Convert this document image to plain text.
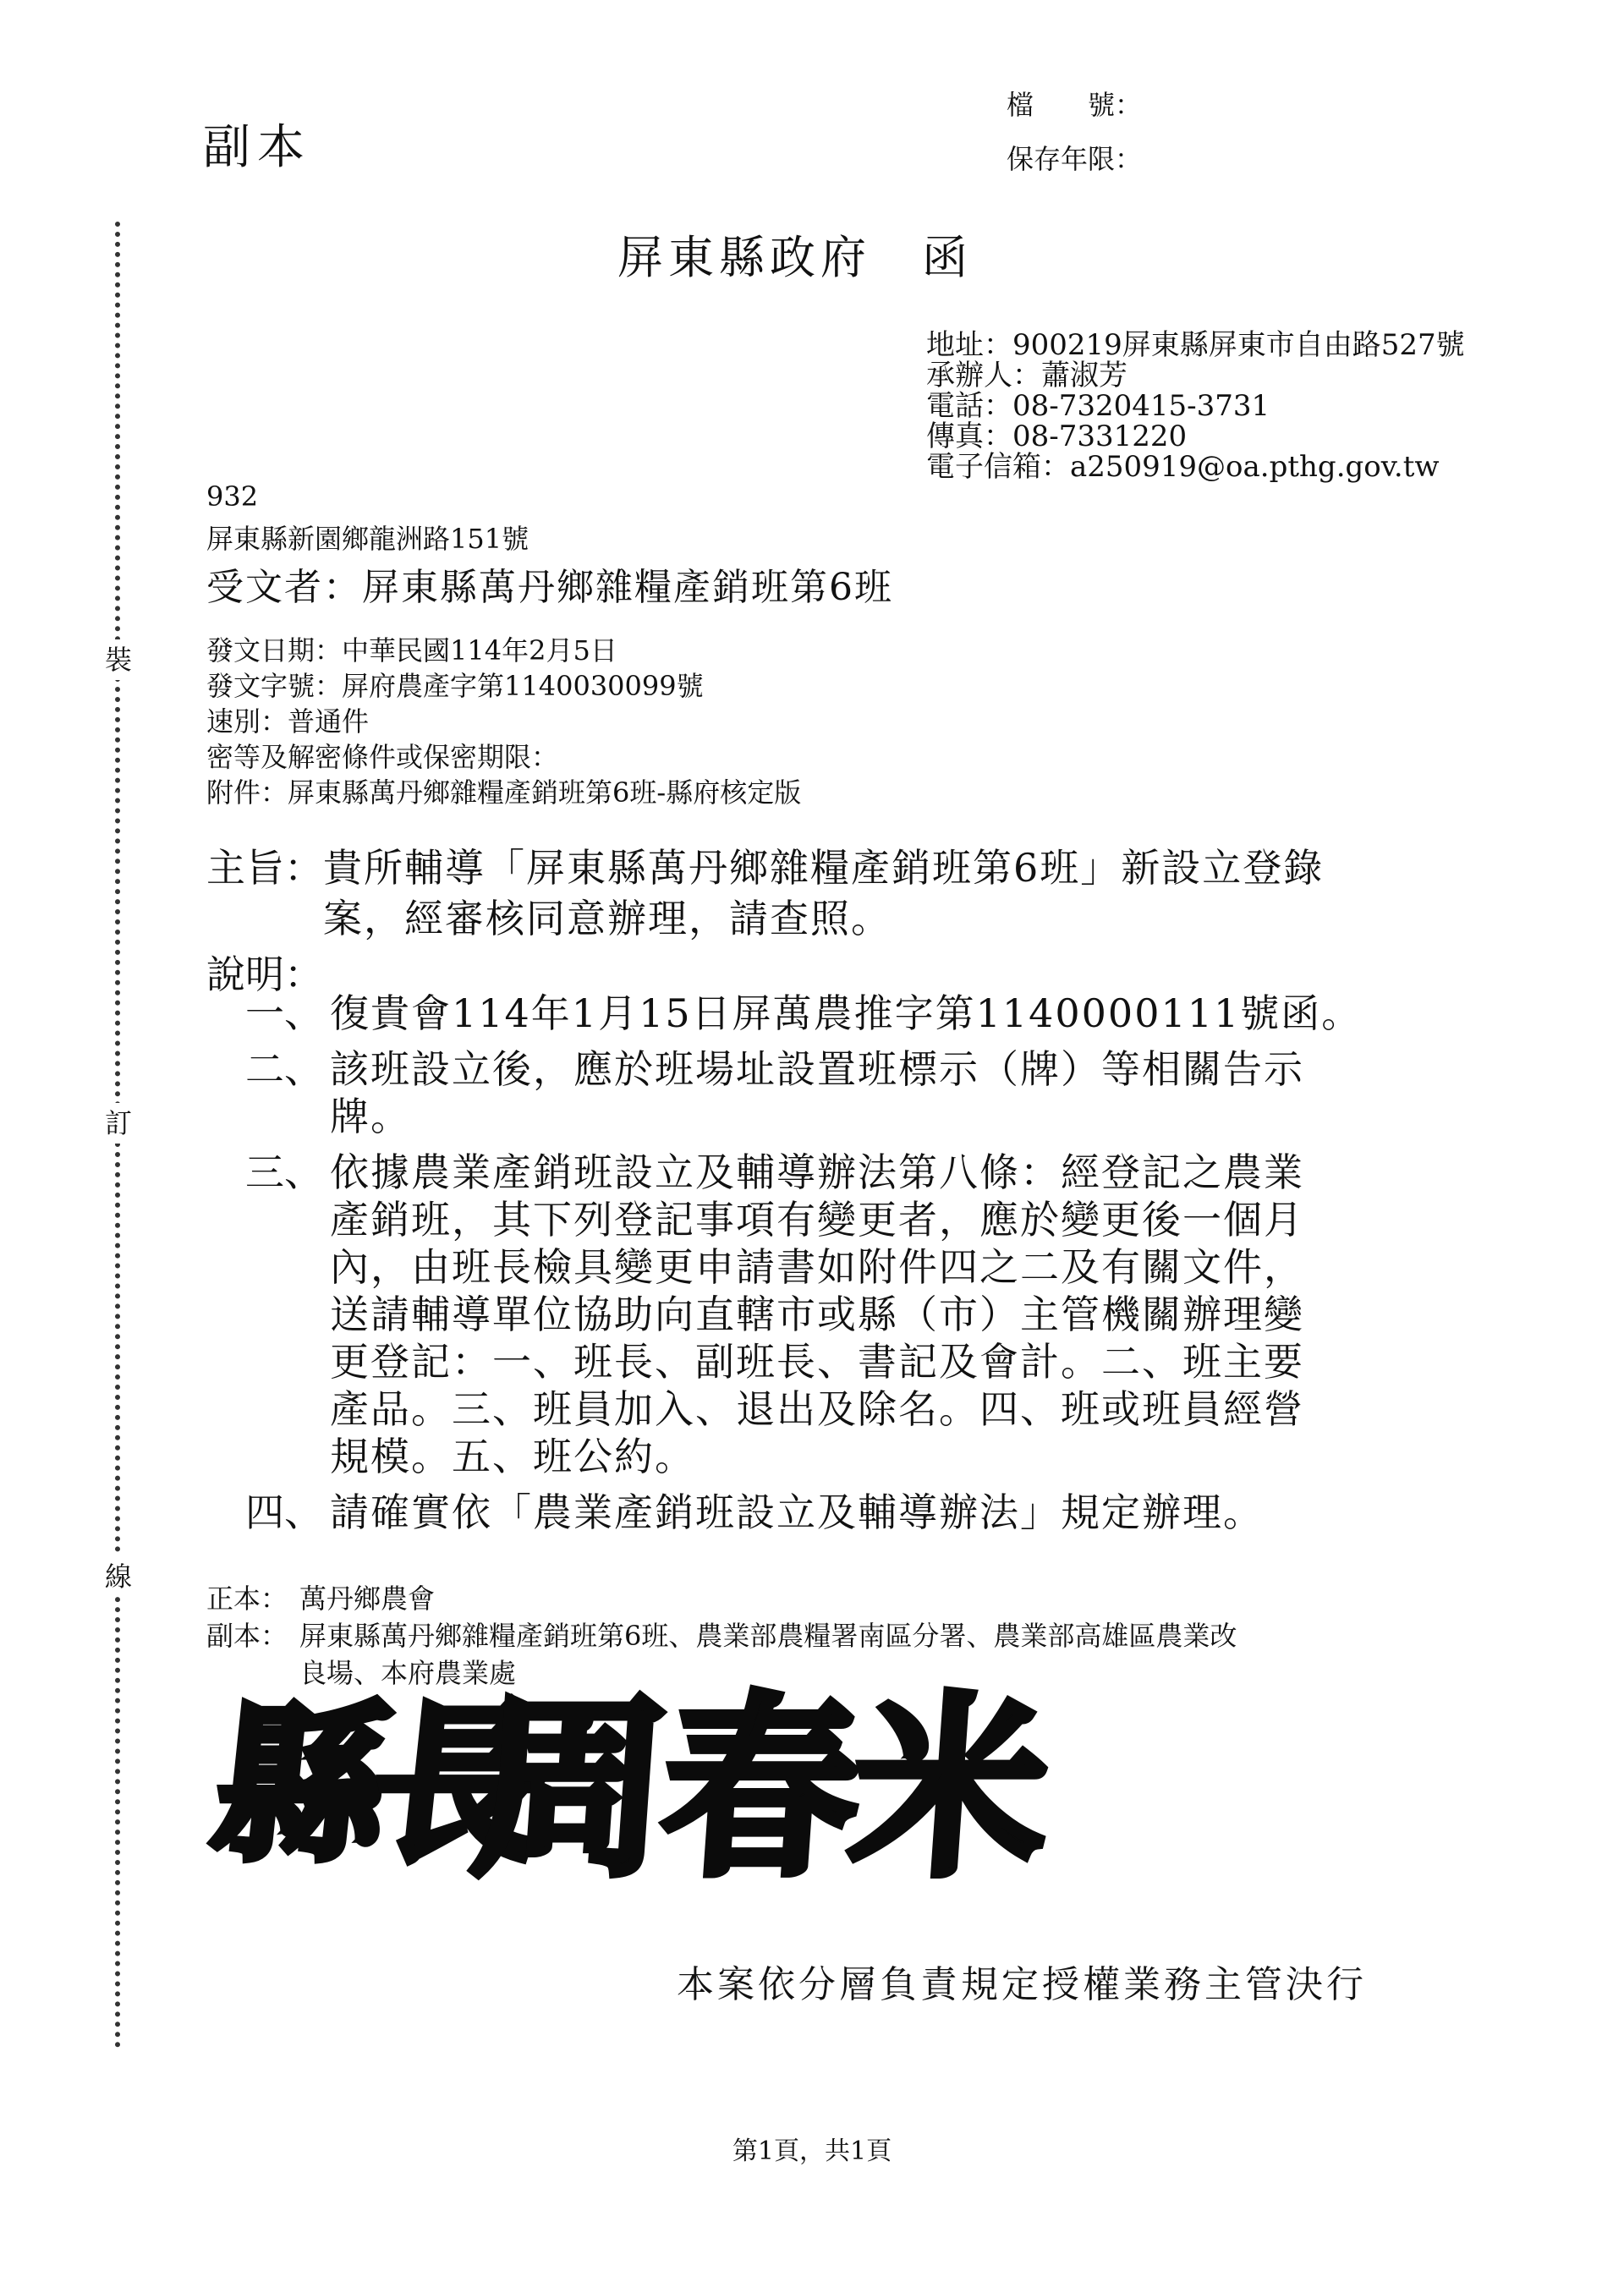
副本
檔　　號：
保存年限：
屏東縣政府　函
裝
訂
線
地址： 900219屏東縣屏東市自由路527號
承辦人： 蕭淑芳
電話： 08-7320415-3731
傳真： 08-7331220
電子信箱： a250919@oa.pthg.gov.tw
932
屏東縣新園鄉龍洲路151號
受文者：屏東縣萬丹鄉雜糧產銷班第6班
發文日期： 中華民國114年2月5日
發文字號： 屏府農產字第1140030099號
速別： 普通件
密等及解密條件或保密期限：
附件： 屏東縣萬丹鄉雜糧產銷班第6班-縣府核定版
主旨： 貴所輔導「屏東縣萬丹鄉雜糧產銷班第6班」新設立登錄
案，經審核同意辦理，請查照。
說明：
一、 復貴會114年1月15日屏萬農推字第1140000111號函。
二、 該班設立後，應於班場址設置班標示（牌）等相關告示
牌。
三、 依據農業產銷班設立及輔導辦法第八條：經登記之農業
產銷班，其下列登記事項有變更者，應於變更後一個月
內，由班長檢具變更申請書如附件四之二及有關文件，
送請輔導單位協助向直轄市或縣（市）主管機關辦理變
更登記：一、班長、副班長、書記及會計。二、班主要
產品。三、班員加入、退出及除名。四、班或班員經營
規模。五、班公約。
四、 請確實依「農業產銷班設立及輔導辦法」規定辦理。
正本： 萬丹鄉農會
副本： 屏東縣萬丹鄉雜糧產銷班第6班、農業部農糧署南區分署、農業部高雄區農業改
良場、本府農業處
縣長
周春米
本案依分層負責規定授權業務主管決行
第1頁，共1頁
